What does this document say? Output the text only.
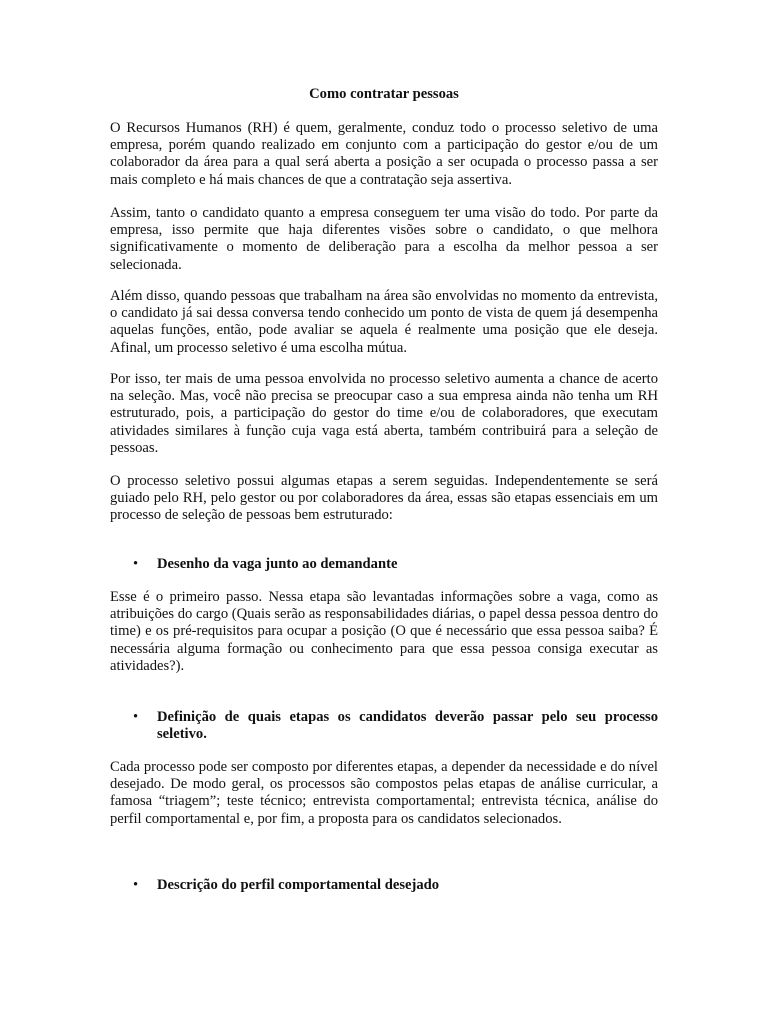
Como contratar pessoas

O Recursos Humanos (RH) é quem, geralmente, conduz todo o processo seletivo de uma empresa, porém quando realizado em conjunto com a participação do gestor e/ou de um colaborador da área para a qual será aberta a posição a ser ocupada o processo passa a ser mais completo e há mais chances de que a contratação seja assertiva.

Assim, tanto o candidato quanto a empresa conseguem ter uma visão do todo. Por parte da empresa, isso permite que haja diferentes visões sobre o candidato, o que melhora significativamente o momento de deliberação para a escolha da melhor pessoa a ser selecionada.

Além disso, quando pessoas que trabalham na área são envolvidas no momento da entrevista, o candidato já sai dessa conversa tendo conhecido um ponto de vista de quem já desempenha aquelas funções, então, pode avaliar se aquela é realmente uma posição que ele deseja. Afinal, um processo seletivo é uma escolha mútua.

Por isso, ter mais de uma pessoa envolvida no processo seletivo aumenta a chance de acerto na seleção. Mas, você não precisa se preocupar caso a sua empresa ainda não tenha um RH estruturado, pois, a participação do gestor do time e/ou de colaboradores, que executam atividades similares à função cuja vaga está aberta, também contribuirá para a seleção de pessoas.

O processo seletivo possui algumas etapas a serem seguidas. Independentemente se será guiado pelo RH, pelo gestor ou por colaboradores da área, essas são etapas essenciais em um processo de seleção de pessoas bem estruturado:

• Desenho da vaga junto ao demandante

Esse é o primeiro passo. Nessa etapa são levantadas informações sobre a vaga, como as atribuições do cargo (Quais serão as responsabilidades diárias, o papel dessa pessoa dentro do time) e os pré-requisitos para ocupar a posição (O que é necessário que essa pessoa saiba? É necessária alguma formação ou conhecimento para que essa pessoa consiga executar as atividades?).

• Definição de quais etapas os candidatos deverão passar pelo seu processo seletivo.

Cada processo pode ser composto por diferentes etapas, a depender da necessidade e do nível desejado. De modo geral, os processos são compostos pelas etapas de análise curricular, a famosa “triagem”; teste técnico; entrevista comportamental; entrevista técnica, análise do perfil comportamental e, por fim, a proposta para os candidatos selecionados.

• Descrição do perfil comportamental desejado
